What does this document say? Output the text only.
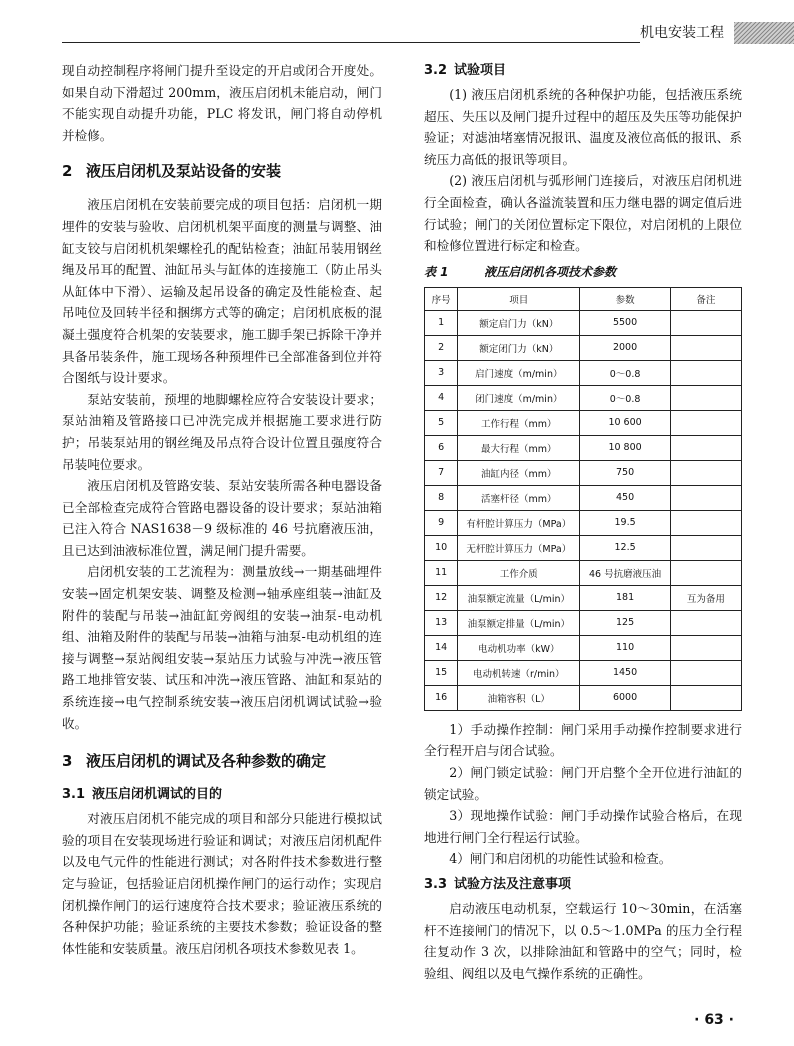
机电安装工程

现自动控制程序将闸门提升至设定的开启或闭合开度处。如果自动下滑超过 200mm，液压启闭机未能启动，闸门不能实现自动提升功能，PLC 将发讯，闸门将自动停机并检修。

2 液压启闭机及泵站设备的安装

液压启闭机在安装前要完成的项目包括：启闭机一期埋件的安装与验收、启闭机机架平面度的测量与调整、油缸支铰与启闭机机架螺栓孔的配钻检查；油缸吊装用钢丝绳及吊耳的配置、油缸吊头与缸体的连接施工（防止吊头从缸体中下滑）、运输及起吊设备的确定及性能检查、起吊吨位及回转半径和捆绑方式等的确定；启闭机底板的混凝土强度符合机架的安装要求，施工脚手架已拆除干净并具备吊装条件，施工现场各种预埋件已全部准备到位并符合图纸与设计要求。

泵站安装前，预埋的地脚螺栓应符合安装设计要求；泵站油箱及管路接口已冲洗完成并根据施工要求进行防护；吊装泵站用的钢丝绳及吊点符合设计位置且强度符合吊装吨位要求。

液压启闭机及管路安装、泵站安装所需各种电器设备已全部检查完成符合管路电器设备的设计要求；泵站油箱已注入符合 NAS1638－9 级标准的 46 号抗磨液压油，且已达到油液标准位置，满足闸门提升需要。

启闭机安装的工艺流程为：测量放线→一期基础埋件安装→固定机架安装、调整及检测→轴承座组装→油缸及附件的装配与吊装→油缸缸旁阀组的安装→油泵-电动机组、油箱及附件的装配与吊装→油箱与油泵-电动机组的连接与调整→泵站阀组安装→泵站压力试验与冲洗→液压管路工地排管安装、试压和冲洗→液压管路、油缸和泵站的系统连接→电气控制系统安装→液压启闭机调试试验→验收。

3 液压启闭机的调试及各种参数的确定
3.1 液压启闭机调试的目的

对液压启闭机不能完成的项目和部分只能进行模拟试验的项目在安装现场进行验证和调试；对液压启闭机配件以及电气元件的性能进行测试；对各附件技术参数进行整定与验证，包括验证启闭机操作闸门的运行动作；实现启闭机操作闸门的运行速度符合技术要求；验证液压系统的各种保护功能；验证系统的主要技术参数；验证设备的整体性能和安装质量。液压启闭机各项技术参数见表 1。

3.2 试验项目

(1) 液压启闭机系统的各种保护功能，包括液压系统超压、失压以及闸门提升过程中的超压及失压等功能保护验证；对滤油堵塞情况报讯、温度及液位高低的报讯、系统压力高低的报讯等项目。

(2) 液压启闭机与弧形闸门连接后，对液压启闭机进行全面检查，确认各溢流装置和压力继电器的调定值后进行试验；闸门的关闭位置标定下限位，对启闭机的上限位和检修位置进行标定和检查。

表 1	液压启闭机各项技术参数
序号	项目	参数	备注
1	额定启门力（kN）	5500	
2	额定闭门力（kN）	2000	
3	启门速度（m/min）	0～0.8	
4	闭门速度（m/min）	0～0.8	
5	工作行程（mm）	10 600	
6	最大行程（mm）	10 800	
7	油缸内径（mm）	750	
8	活塞杆径（mm）	450	
9	有杆腔计算压力（MPa）	19.5	
10	无杆腔计算压力（MPa）	12.5	
11	工作介质	46 号抗磨液压油	
12	油泵额定流量（L/min）	181	互为备用
13	油泵额定排量（L/min）	125	
14	电动机功率（kW）	110	
15	电动机转速（r/min）	1450	
16	油箱容积（L）	6000	

1）手动操作控制：闸门采用手动操作控制要求进行全行程开启与闭合试验。

2）闸门锁定试验：闸门开启整个全开位进行油缸的锁定试验。

3）现地操作试验：闸门手动操作试验合格后，在现地进行闸门全行程运行试验。

4）闸门和启闭机的功能性试验和检查。

3.3 试验方法及注意事项

启动液压电动机泵，空载运行 10～30min，在活塞杆不连接闸门的情况下，以 0.5～1.0MPa 的压力全行程往复动作 3 次，以排除油缸和管路中的空气；同时，检验组、阀组以及电气操作系统的正确性。

· 63 ·
